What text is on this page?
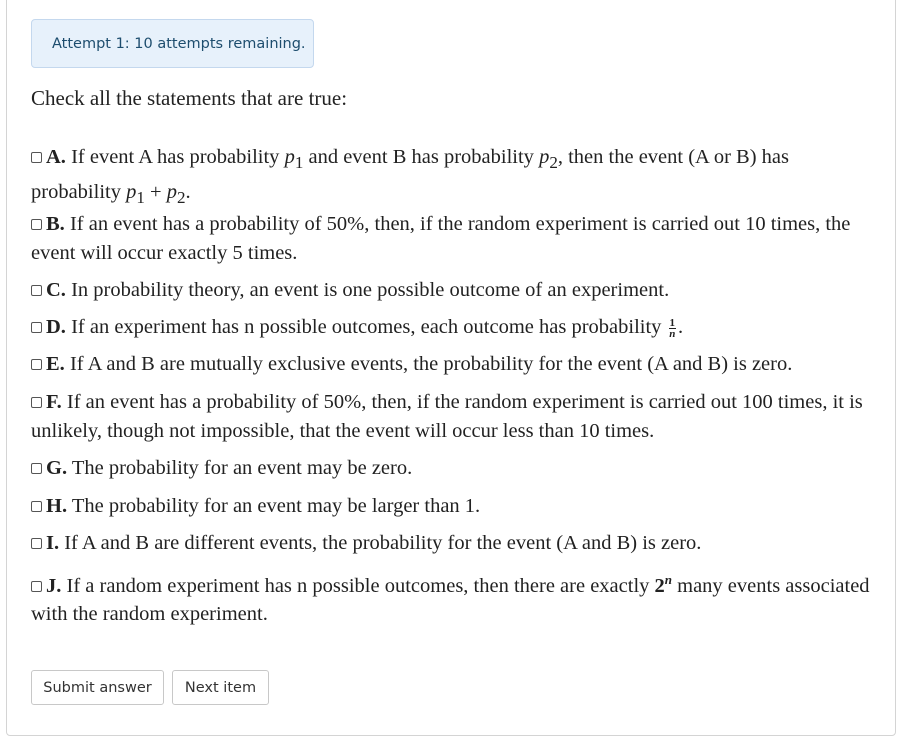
Attempt 1: 10 attempts remaining.
Check all the statements that are true:
A. If event A has probability $p_1$ and event B has probability $p_2$, then the event (A or B) has probability $p_1 + p_2$.
B. If an event has a probability of 50%, then, if the random experiment is carried out 10 times, the event will occur exactly 5 times.
C. In probability theory, an event is one possible outcome of an experiment.
D. If an experiment has n possible outcomes, each outcome has probability $\frac{1}{n}$ .
E. If A and B are mutually exclusive events, the probability for the event (A and B) is zero.
F. If an event has a probability of 50%, then, if the random experiment is carried out 100 times, it is unlikely, though not impossible, that the event will occur less than 10 times.
G. The probability for an event may be zero.
H. The probability for an event may be larger than 1.
I. If A and B are different events, the probability for the event (A and B) is zero.
J. If a random experiment has n possible outcomes, then there are exactly 2$^n$ many events associated with the random experiment.
Submit answer	Next item
